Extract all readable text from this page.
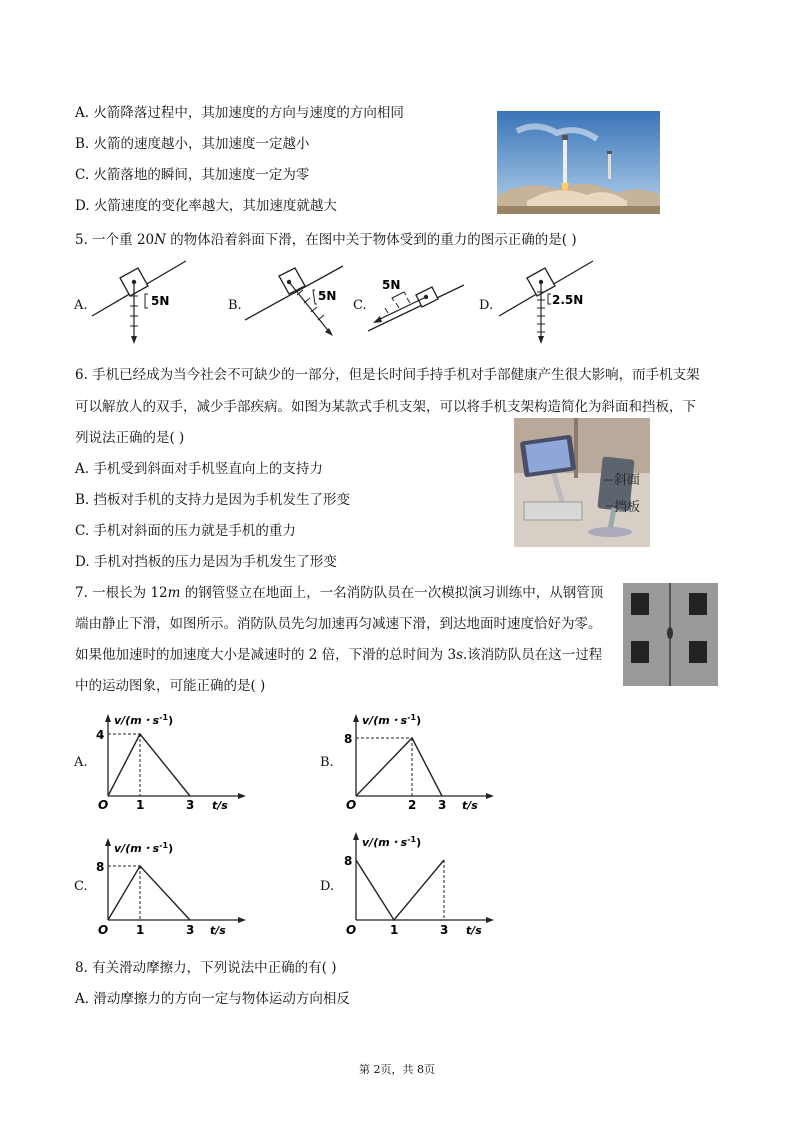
A. 火箭降落过程中，其加速度的方向与速度的方向相同
B. 火箭的速度越小，其加速度一定越小
C. 火箭落地的瞬间，其加速度一定为零
D. 火箭速度的变化率越大，其加速度就越大
5. 一个重 20N 的物体沿着斜面下滑，在图中关于物体受到的重力的图示正确的是( )
A.	B.	C.	D.
5N	5N
5N
2.5N
6. 手机已经成为当今社会不可缺少的一部分，但是长时间手持手机对手部健康产生很大影响，而手机支架
可以解放人的双手，减少手部疾病。如图为某款式手机支架，可以将手机支架构造简化为斜面和挡板，下
列说法正确的是( )
A. 手机受到斜面对手机竖直向上的支持力
B. 挡板对手机的支持力是因为手机发生了形变
C. 手机对斜面的压力就是手机的重力
D. 手机对挡板的压力是因为手机发生了形变
斜面
挡板
7. 一根长为 12m 的钢管竖立在地面上，一名消防队员在一次模拟演习训练中，从钢管顶
端由静止下滑，如图所示。消防队员先匀加速再匀减速下滑，到达地面时速度恰好为零。
如果他加速时的加速度大小是减速时的 2 倍，下滑的总时间为 3s.该消防队员在这一过程
中的运动图象，可能正确的是( )
A.	B.
C.	D.
4
1	3
O	t/s
v/(m・$s^{-1}$)
8
2 3
O	t/s
v/(m・$s^{-1}$)
8
1	3
O	t/s
v/(m・$s^{-1}$)
8
1	3
O	t/s
v/(m・$s^{-1}$)
8. 有关滑动摩擦力，下列说法中正确的有( )
A. 滑动摩擦力的方向一定与物体运动方向相反
第 2页，共 8页
